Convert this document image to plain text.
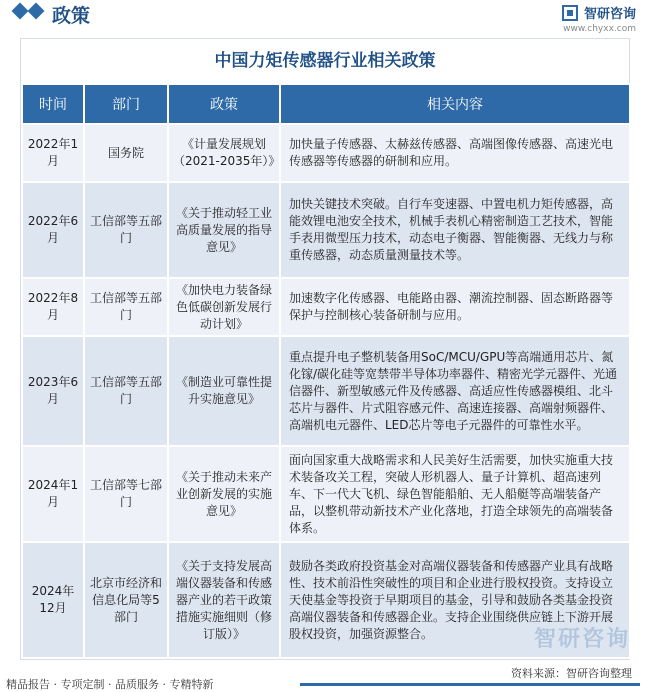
政策	智研咨询
www.chyxx.com
中国力矩传感器行业相关政策
时间	部门	政策	相关内容
2022年1月	国务院	《计量发展规划（2021-2035年）》	加快量子传感器、太赫兹传感器、高端图像传感器、高速光电传感器等传感器的研制和应用。
2022年6月	工信部等五部门	《关于推动轻工业高质量发展的指导意见》	加快关键技术突破。自行车变速器、中置电机力矩传感器，高能效锂电池安全技术，机械手表机心精密制造工艺技术，智能手表用微型压力技术，动态电子衡器、智能衡器、无线力与称重传感器，动态质量测量技术等。
2022年8月	工信部等五部门	《加快电力装备绿色低碳创新发展行动计划》	加速数字化传感器、电能路由器、潮流控制器、固态断路器等保护与控制核心装备研制与应用。
2023年6月	工信部等五部门	《制造业可靠性提升实施意见》	重点提升电子整机装备用SoC/MCU/GPU等高端通用芯片、氮化镓/碳化硅等宽禁带半导体功率器件、精密光学元器件、光通信器件、新型敏感元件及传感器、高适应性传感器模组、北斗芯片与器件、片式阻容感元件、高速连接器、高端射频器件、高端机电元器件、LED芯片等电子元器件的可靠性水平。
2024年1月	工信部等七部门	《关于推动未来产业创新发展的实施意见》	面向国家重大战略需求和人民美好生活需要，加快实施重大技术装备攻关工程，突破人形机器人、量子计算机、超高速列车、下一代大飞机、绿色智能船舶、无人船艇等高端装备产品，以整机带动新技术产业化落地，打造全球领先的高端装备体系。
2024年12月	北京市经济和信息化局等5部门	《关于支持发展高端仪器装备和传感器产业的若干政策措施实施细则（修订版）》	鼓励各类政府投资基金对高端仪器装备和传感器产业具有战略性、技术前沿性突破性的项目和企业进行股权投资。支持设立天使基金等投资于早期项目的基金，引导和鼓励各类基金投资高端仪器装备和传感器企业。支持企业围绕供应链上下游开展股权投资，加强资源整合。	智研咨询
资料来源：智研咨询整理
精品报告 · 专项定制 · 品质服务 · 专精特新
